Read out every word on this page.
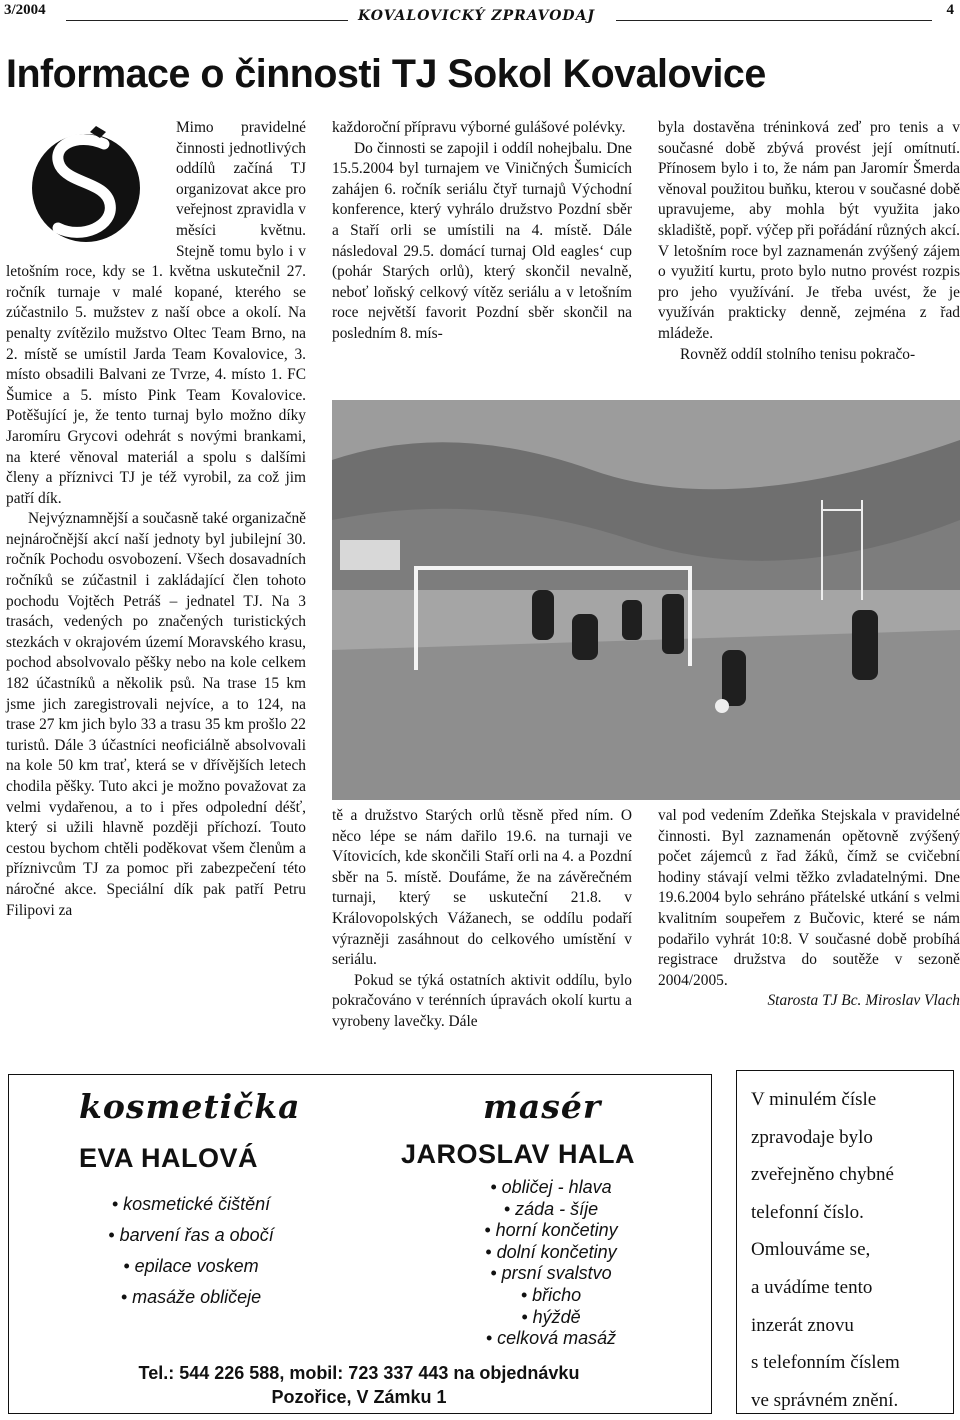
3/2004	KOVALOVICKÝ ZPRAVODAJ	4
Informace o činnosti TJ Sokol Kovalovice

Mimo pravidelné činnosti jednotlivých oddílů začíná TJ organizovat akce pro veřejnost zpravidla v měsíci květnu. Stejně tomu bylo i v letošním roce, kdy se 1. května uskutečnil 27. ročník turnaje v malé kopané, kterého se zúčastnilo 5. mužstev z naší obce a okolí. Na penalty zvítězilo mužstvo Oltec Team Brno, na 2. místě se umístil Jarda Team Kovalovice, 3. místo obsadili Balvani ze Tvrze, 4. místo 1. FC Šumice a 5. místo Pink Team Kovalovice. Potěšující je, že tento turnaj bylo možno díky Jaromíru Grycovi odehrát s novými brankami, na které věnoval materiál a spolu s dalšími členy a příznivci TJ je též vyrobil, za což jim patří dík.

Nejvýznamnější a současně také organizačně nejnáročnější akcí naší jednoty byl jubilejní 30. ročník Pochodu osvobození. Všech dosavadních ročníků se zúčastnil i zakládající člen tohoto pochodu Vojtěch Petráš – jednatel TJ. Na 3 trasách, vedených po značených turistických stezkách v okrajovém území Moravského krasu, pochod absolvovalo pěšky nebo na kole celkem 182 účastníků a několik psů. Na trase 15 km jsme jich zaregistrovali nejvíce, a to 124, na trase 27 km jich bylo 33 a trasu 35 km prošlo 22 turistů. Dále 3 účastníci neoficiálně absolvovali na kole 50 km trať, která se v dřívějších letech chodila pěšky. Tuto akci je možno považovat za velmi vydařenou, a to i přes odpolední déšť, který si užili hlavně později příchozí. Touto cestou bychom chtěli poděkovat všem členům a příznivcům TJ za pomoc při zabezpečení této náročné akce. Speciální dík pak patří Petru Filipovi za

každoroční přípravu výborné gulášové polévky.

Do činnosti se zapojil i oddíl nohejbalu. Dne 15.5.2004 byl turnajem ve Viničných Šumicích zahájen 6. ročník seriálu čtyř turnajů Východní konference, který vyhrálo družstvo Pozdní sběr a Staří orli se umístili na 4. místě. Dále následoval 29.5. domácí turnaj Old eagles‘ cup (pohár Starých orlů), který skončil nevalně, neboť loňský celkový vítěz seriálu a v letošním roce největší favorit Pozdní sběr skončil na posledním 8. mís-

byla dostavěna tréninková zeď pro tenis a v současné době zbývá provést její omítnutí. Přínosem bylo i to, že nám pan Jaromír Šmerda věnoval použitou buňku, kterou v současné době upravujeme, aby mohla být využita jako skladiště, popř. výčep při pořádání různých akcí. V letošním roce byl zaznamenán zvýšený zájem o využití kurtu, proto bylo nutno provést rozpis pro jeho využívání. Je třeba uvést, že je využíván prakticky denně, zejména z řad mládeže.

Rovněž oddíl stolního tenisu pokračo-

tě a družstvo Starých orlů těsně před ním. O něco lépe se nám dařilo 19.6. na turnaji ve Vítovicích, kde skončili Staří orli na 4. a Pozdní sběr na 5. místě. Doufáme, že na závěrečném turnaji, který se uskuteční 21.8. v Královopolských Vážanech, se oddílu podaří výrazněji zasáhnout do celkového umístění v seriálu.

Pokud se týká ostatních aktivit oddílu, bylo pokračováno v terénních úpravách okolí kurtu a vyrobeny lavečky. Dále

val pod vedením Zdeňka Stejskala v pravidelné činnosti. Byl zaznamenán opětovně zvýšený počet zájemců z řad žáků, čímž se cvičební hodiny stávají velmi těžko zvladatelnými. Dne 19.6.2004 bylo sehráno přátelské utkání s velmi kvalitním soupeřem z Bučovic, které se nám podařilo vyhrát 10:8. V současné době probíhá registrace družstva do soutěže v sezoně 2004/2005.

Starosta TJ Bc. Miroslav Vlach

kosmetička
EVA HALOVÁ
• kosmetické čištění
• barvení řas a obočí
• epilace voskem
• masáže obličeje
masér
JAROSLAV HALA
• obličej - hlava
• záda - šíje
• horní končetiny
• dolní končetiny
• prsní svalstvo
• břicho
• hýždě
• celková masáž
Tel.: 544 226 588, mobil: 723 337 443 na objednávku
Pozořice, V Zámku 1

V minulém čísle

zpravodaje bylo

zveřejněno chybné

telefonní číslo.

Omlouváme se,

a uvádíme tento

inzerát znovu

s telefonním číslem

ve správném znění.
